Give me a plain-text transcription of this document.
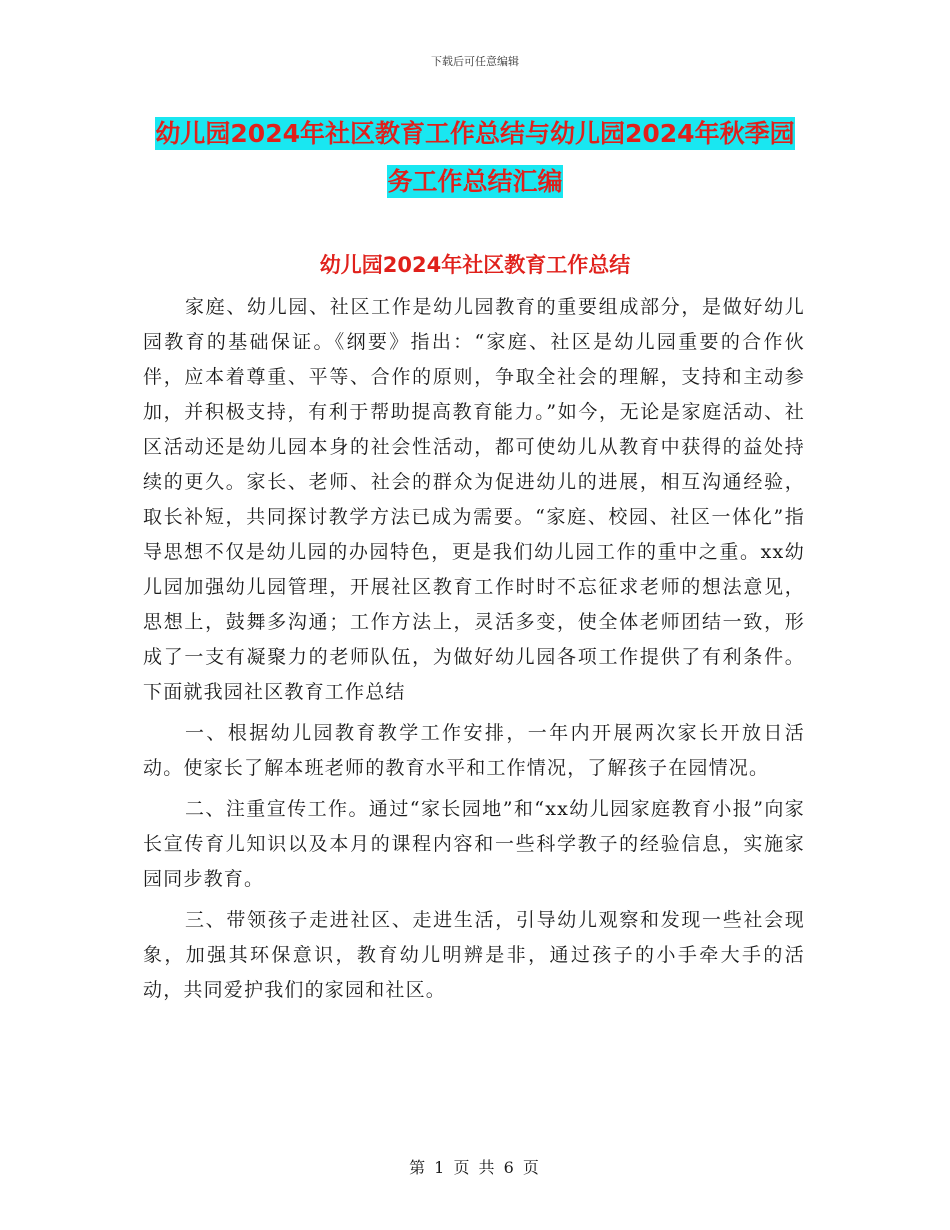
下载后可任意编辑
幼儿园2024年社区教育工作总结与幼儿园2024年秋季园务工作总结汇编
幼儿园2024年社区教育工作总结

家庭、幼儿园、社区工作是幼儿园教育的重要组成部分，是做好幼儿园教育的基础保证。《纲要》指出：“家庭、社区是幼儿园重要的合作伙伴，应本着尊重、平等、合作的原则，争取全社会的理解，支持和主动参加，并积极支持，有利于帮助提高教育能力。”如今，无论是家庭活动、社区活动还是幼儿园本身的社会性活动，都可使幼儿从教育中获得的益处持续的更久。家长、老师、社会的群众为促进幼儿的进展，相互沟通经验，取长补短，共同探讨教学方法已成为需要。“家庭、校园、社区一体化”指导思想不仅是幼儿园的办园特色，更是我们幼儿园工作的重中之重。xx幼儿园加强幼儿园管理，开展社区教育工作时时不忘征求老师的想法意见，思想上，鼓舞多沟通；工作方法上，灵活多变，使全体老师团结一致，形成了一支有凝聚力的老师队伍，为做好幼儿园各项工作提供了有利条件。下面就我园社区教育工作总结

一、根据幼儿园教育教学工作安排，一年内开展两次家长开放日活动。使家长了解本班老师的教育水平和工作情况，了解孩子在园情况。

二、注重宣传工作。通过“家长园地”和“xx幼儿园家庭教育小报”向家长宣传育儿知识以及本月的课程内容和一些科学教子的经验信息，实施家园同步教育。

三、带领孩子走进社区、走进生活，引导幼儿观察和发现一些社会现象，加强其环保意识，教育幼儿明辨是非，通过孩子的小手牵大手的活动，共同爱护我们的家园和社区。

第 1 页 共 6 页
